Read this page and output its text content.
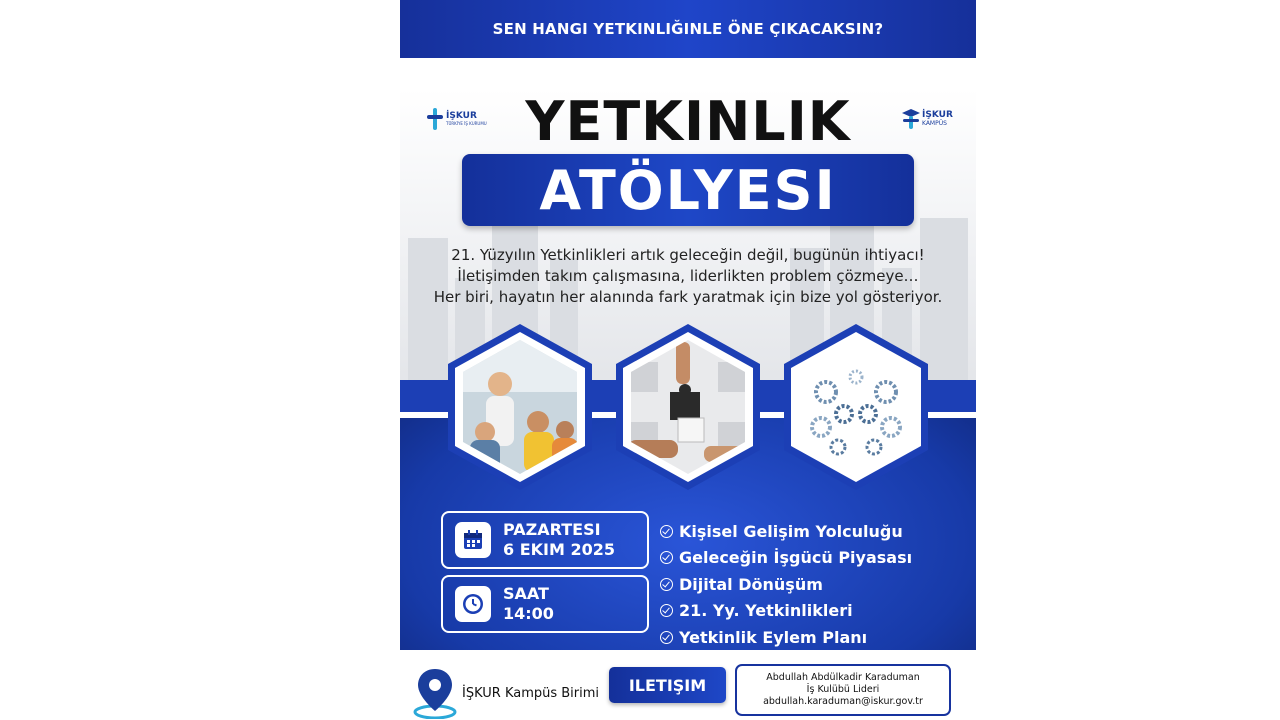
SEN HANGI YETKINLIĞINLE ÖNE ÇIKACAKSIN?
İŞKUR
TÜRKİYE İŞ KURUMU
İŞKUR
KAMPÜS
YETKINLIK
ATÖLYESI
21. Yüzyılın Yetkinlikleri artık geleceğin değil, bugünün ihtiyacı!
İletişimden takım çalışmasına, liderlikten problem çözmeye…
Her biri, hayatın her alanında fark yaratmak için bize yol gösteriyor.
PAZARTESI
6 EKIM 2025
SAAT
14:00
Kişisel Gelişim Yolculuğu
Geleceğin İşgücü Piyasası
Dijital Dönüşüm
21. Yy. Yetkinlikleri
Yetkinlik Eylem Planı
İŞKUR Kampüs Birimi ILETIŞIM	Abdullah Abdülkadir Karaduman
İş Kulübü Lideri
abdullah.karaduman@iskur.gov.tr
